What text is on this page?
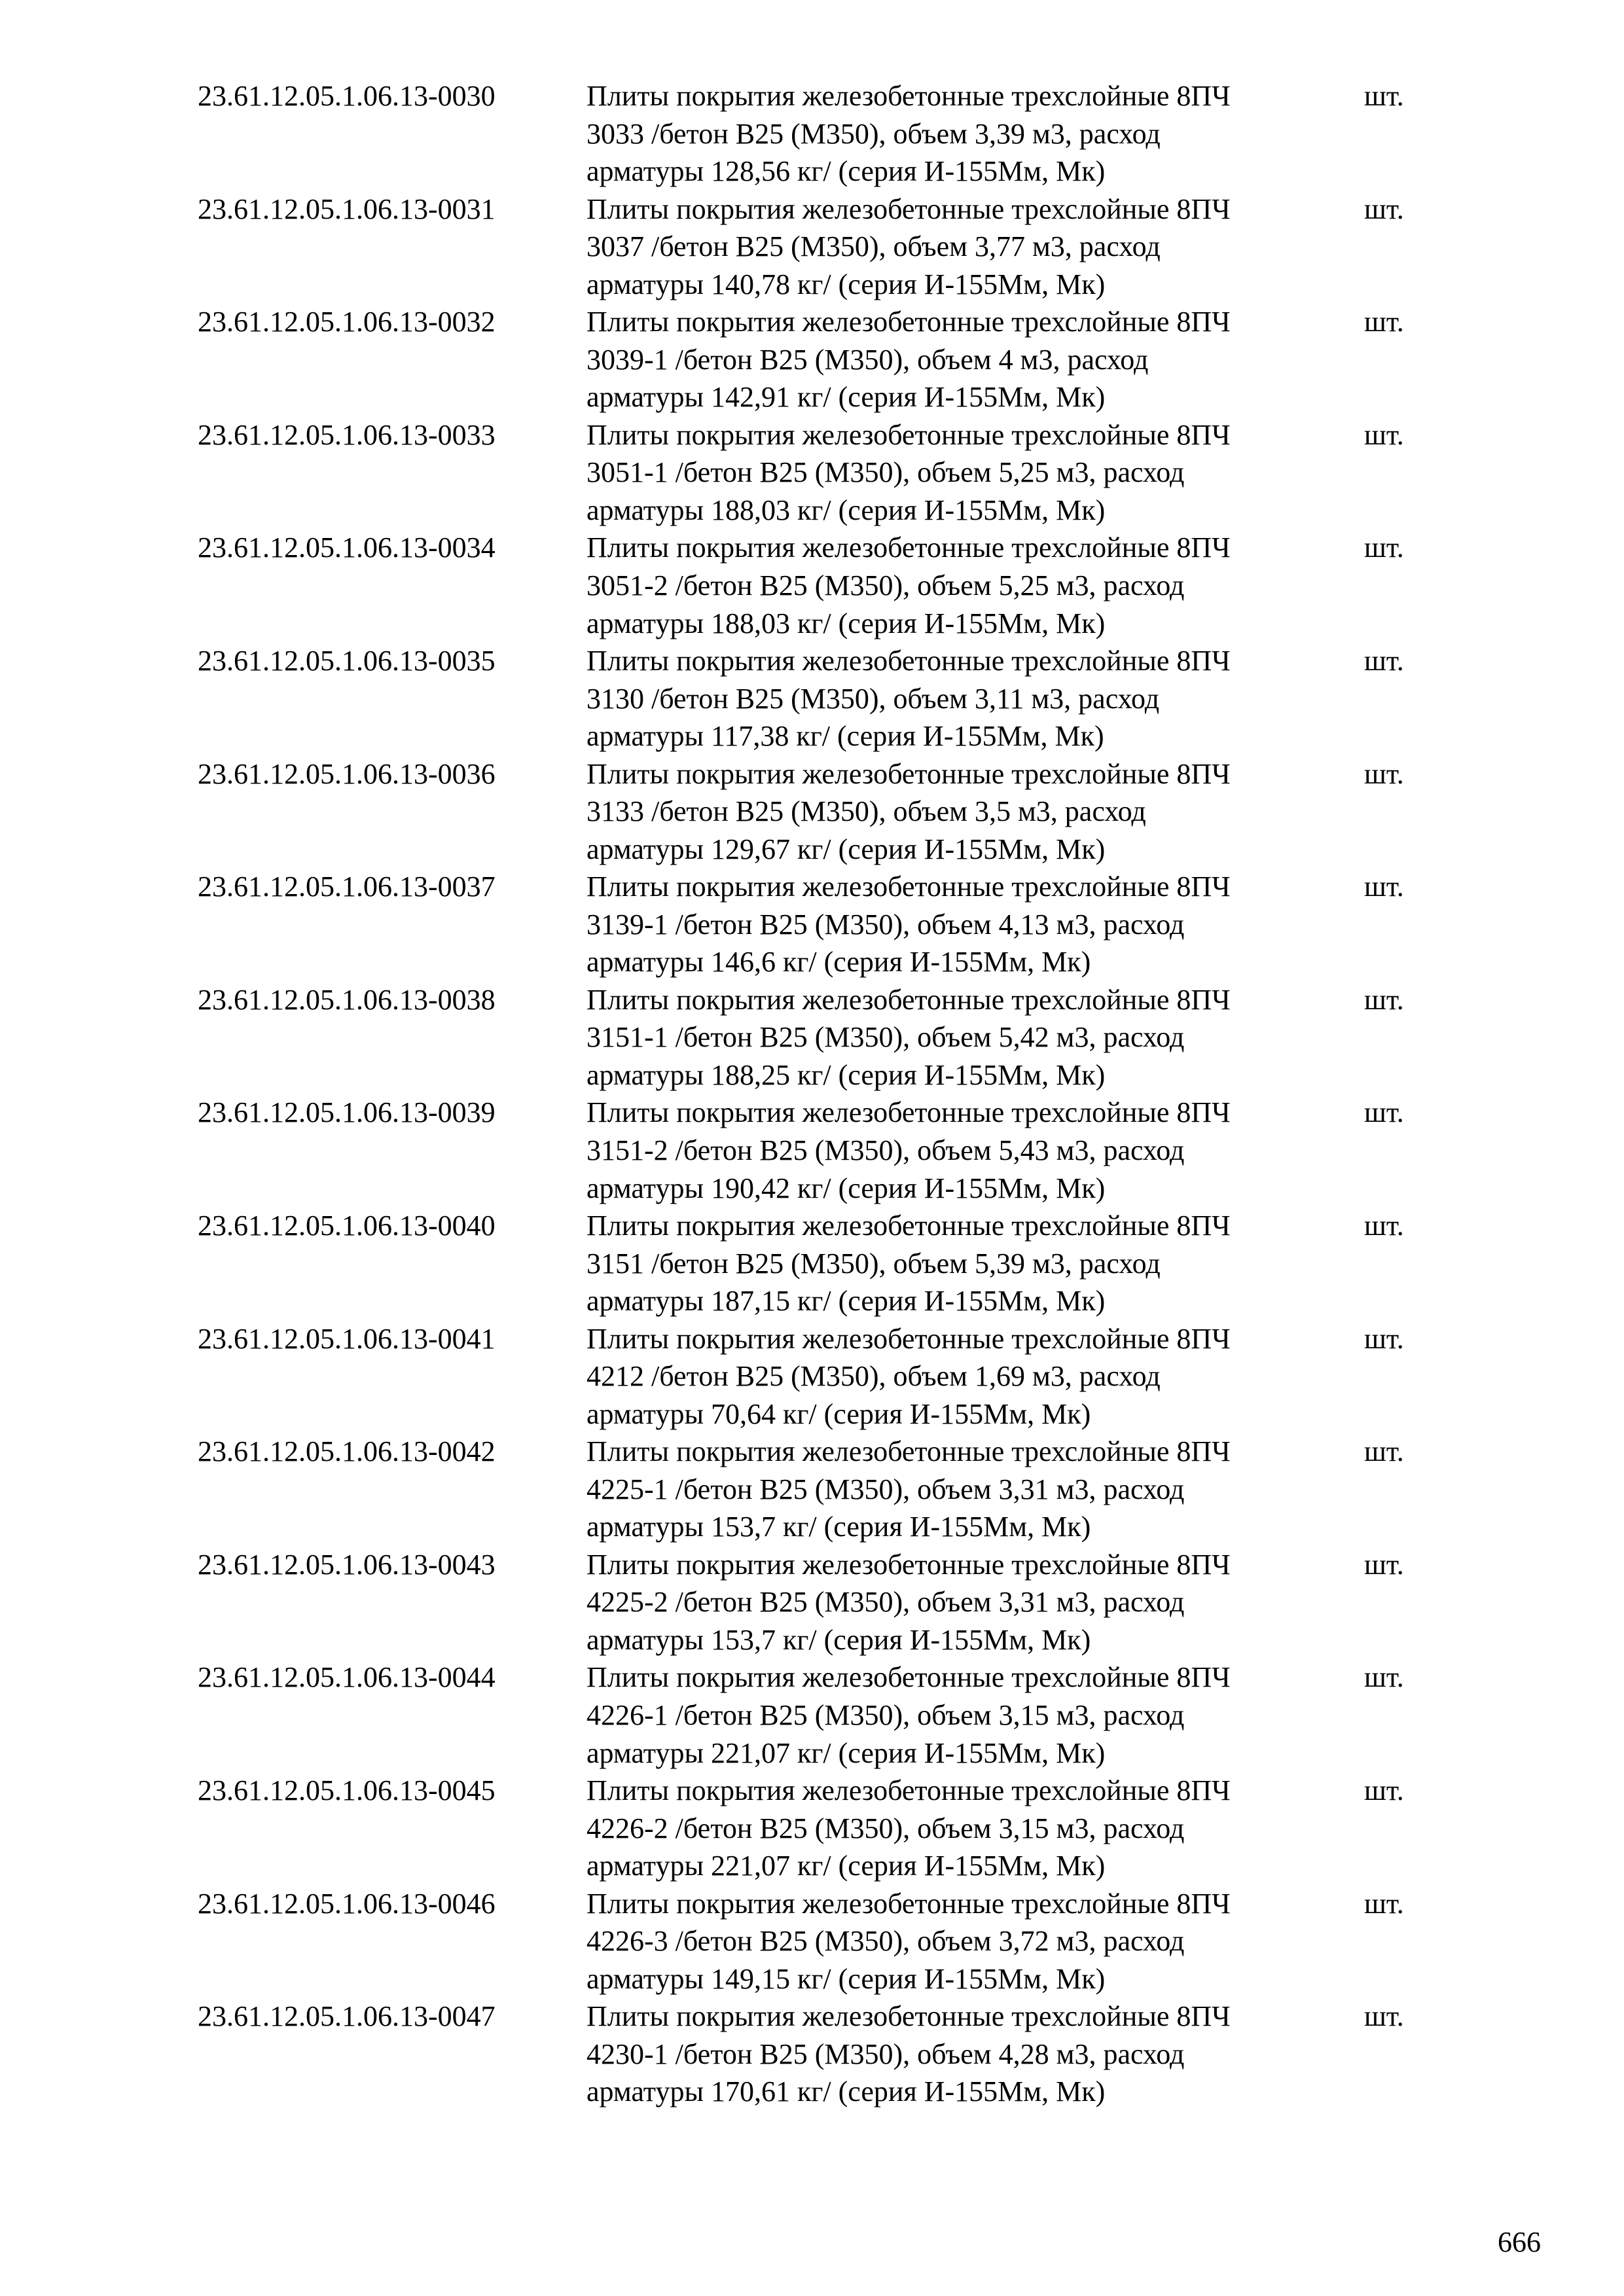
23.61.12.05.1.06.13-0030	Плиты покрытия железобетонные трехслойные 8ПЧ
3033 /бетон В25 (М350), объем 3,39 м3, расход
арматуры 128,56 кг/ (серия И-155Мм, Мк)
шт.
23.61.12.05.1.06.13-0031	Плиты покрытия железобетонные трехслойные 8ПЧ
3037 /бетон В25 (М350), объем 3,77 м3, расход
арматуры 140,78 кг/ (серия И-155Мм, Мк)
шт.
23.61.12.05.1.06.13-0032	Плиты покрытия железобетонные трехслойные 8ПЧ
3039-1 /бетон В25 (М350), объем 4 м3, расход
арматуры 142,91 кг/ (серия И-155Мм, Мк)
шт.
23.61.12.05.1.06.13-0033	Плиты покрытия железобетонные трехслойные 8ПЧ
3051-1 /бетон В25 (М350), объем 5,25 м3, расход
арматуры 188,03 кг/ (серия И-155Мм, Мк)
шт.
23.61.12.05.1.06.13-0034	Плиты покрытия железобетонные трехслойные 8ПЧ
3051-2 /бетон В25 (М350), объем 5,25 м3, расход
арматуры 188,03 кг/ (серия И-155Мм, Мк)
шт.
23.61.12.05.1.06.13-0035	Плиты покрытия железобетонные трехслойные 8ПЧ
3130 /бетон В25 (М350), объем 3,11 м3, расход
арматуры 117,38 кг/ (серия И-155Мм, Мк)
шт.
23.61.12.05.1.06.13-0036	Плиты покрытия железобетонные трехслойные 8ПЧ
3133 /бетон В25 (М350), объем 3,5 м3, расход
арматуры 129,67 кг/ (серия И-155Мм, Мк)
шт.
23.61.12.05.1.06.13-0037	Плиты покрытия железобетонные трехслойные 8ПЧ
3139-1 /бетон В25 (М350), объем 4,13 м3, расход
арматуры 146,6 кг/ (серия И-155Мм, Мк)
шт.
23.61.12.05.1.06.13-0038	Плиты покрытия железобетонные трехслойные 8ПЧ
3151-1 /бетон В25 (М350), объем 5,42 м3, расход
арматуры 188,25 кг/ (серия И-155Мм, Мк)
шт.
23.61.12.05.1.06.13-0039	Плиты покрытия железобетонные трехслойные 8ПЧ
3151-2 /бетон В25 (М350), объем 5,43 м3, расход
арматуры 190,42 кг/ (серия И-155Мм, Мк)
шт.
23.61.12.05.1.06.13-0040	Плиты покрытия железобетонные трехслойные 8ПЧ
3151 /бетон В25 (М350), объем 5,39 м3, расход
арматуры 187,15 кг/ (серия И-155Мм, Мк)
шт.
23.61.12.05.1.06.13-0041	Плиты покрытия железобетонные трехслойные 8ПЧ
4212 /бетон В25 (М350), объем 1,69 м3, расход
арматуры 70,64 кг/ (серия И-155Мм, Мк)
шт.
23.61.12.05.1.06.13-0042	Плиты покрытия железобетонные трехслойные 8ПЧ
4225-1 /бетон В25 (М350), объем 3,31 м3, расход
арматуры 153,7 кг/ (серия И-155Мм, Мк)
шт.
23.61.12.05.1.06.13-0043	Плиты покрытия железобетонные трехслойные 8ПЧ
4225-2 /бетон В25 (М350), объем 3,31 м3, расход
арматуры 153,7 кг/ (серия И-155Мм, Мк)
шт.
23.61.12.05.1.06.13-0044	Плиты покрытия железобетонные трехслойные 8ПЧ
4226-1 /бетон В25 (М350), объем 3,15 м3, расход
арматуры 221,07 кг/ (серия И-155Мм, Мк)
шт.
23.61.12.05.1.06.13-0045	Плиты покрытия железобетонные трехслойные 8ПЧ
4226-2 /бетон В25 (М350), объем 3,15 м3, расход
арматуры 221,07 кг/ (серия И-155Мм, Мк)
шт.
23.61.12.05.1.06.13-0046	Плиты покрытия железобетонные трехслойные 8ПЧ
4226-3 /бетон В25 (М350), объем 3,72 м3, расход
арматуры 149,15 кг/ (серия И-155Мм, Мк)
шт.
23.61.12.05.1.06.13-0047	Плиты покрытия железобетонные трехслойные 8ПЧ
4230-1 /бетон В25 (М350), объем 4,28 м3, расход
арматуры 170,61 кг/ (серия И-155Мм, Мк)
шт.
666
